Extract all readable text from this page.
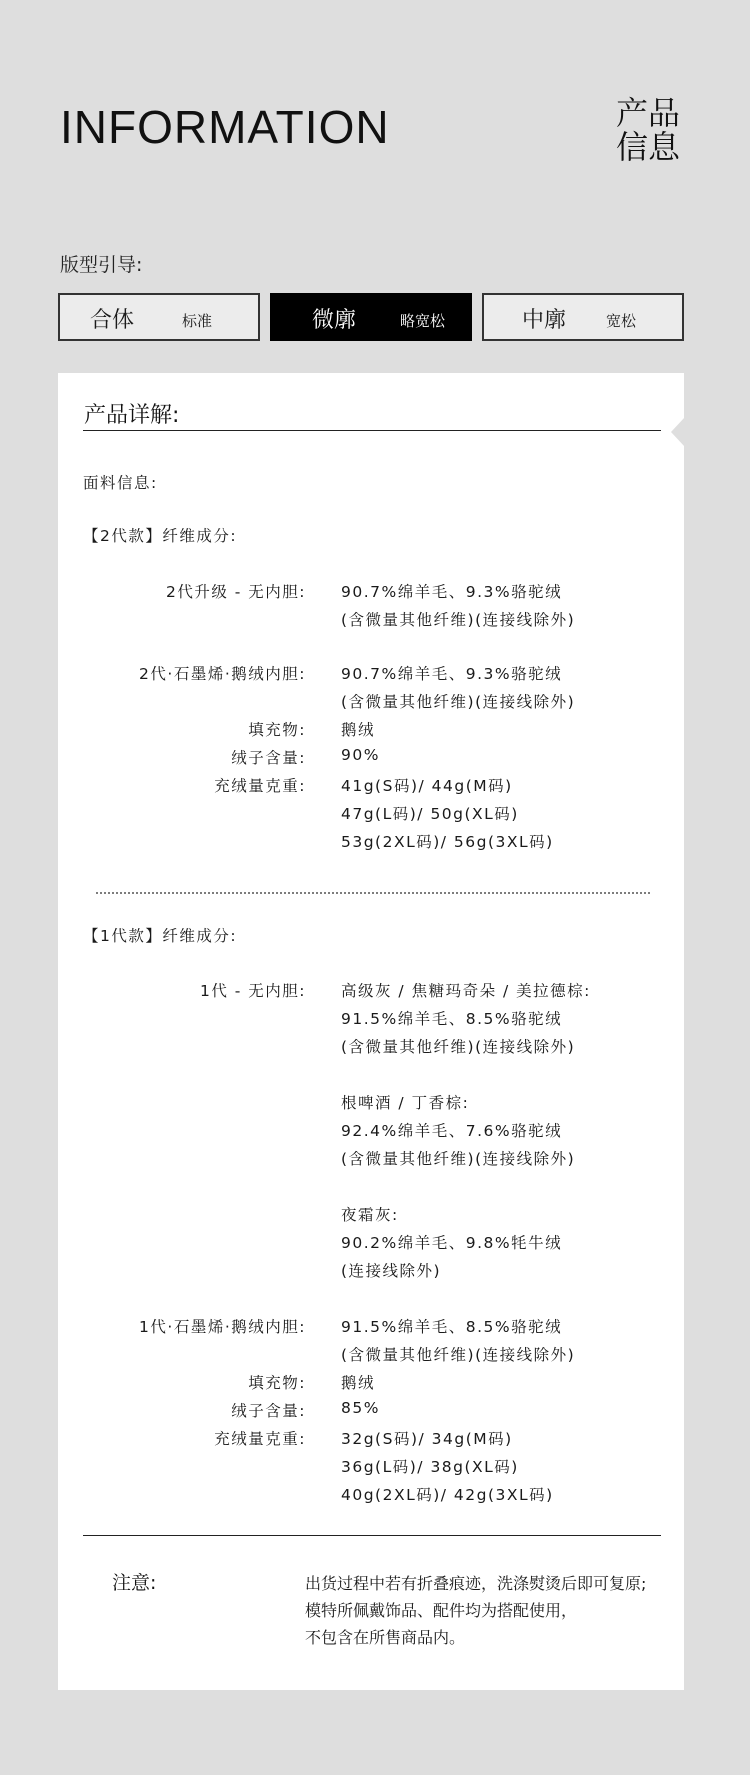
INFORMATION	产品
信息
版型引导:
合体	标准	微廓	略宽松	中廓	宽松
产品详解:
面料信息:
【2代款】纤维成分:
2代升级 - 无内胆: 90.7%绵羊毛、9.3%骆驼绒
(含微量其他纤维)(连接线除外)
2代·石墨烯·鹅绒内胆: 90.7%绵羊毛、9.3%骆驼绒
(含微量其他纤维)(连接线除外)
填充物: 鹅绒
绒子含量: 90%
充绒量克重: 41g(S码)/ 44g(M码)
47g(L码)/ 50g(XL码)
53g(2XL码)/ 56g(3XL码)
【1代款】纤维成分:
1代 - 无内胆: 高级灰 / 焦糖玛奇朵 / 美拉德棕:
91.5%绵羊毛、8.5%骆驼绒
(含微量其他纤维)(连接线除外)
根啤酒 / 丁香棕:
92.4%绵羊毛、7.6%骆驼绒
(含微量其他纤维)(连接线除外)
夜霜灰:
90.2%绵羊毛、9.8%牦牛绒
(连接线除外)
1代·石墨烯·鹅绒内胆: 91.5%绵羊毛、8.5%骆驼绒
(含微量其他纤维)(连接线除外)
填充物: 鹅绒
绒子含量: 85%
充绒量克重: 32g(S码)/ 34g(M码)
36g(L码)/ 38g(XL码)
40g(2XL码)/ 42g(3XL码)
注意:	出货过程中若有折叠痕迹，洗涤熨烫后即可复原;
模特所佩戴饰品、配件均为搭配使用，
不包含在所售商品内。
